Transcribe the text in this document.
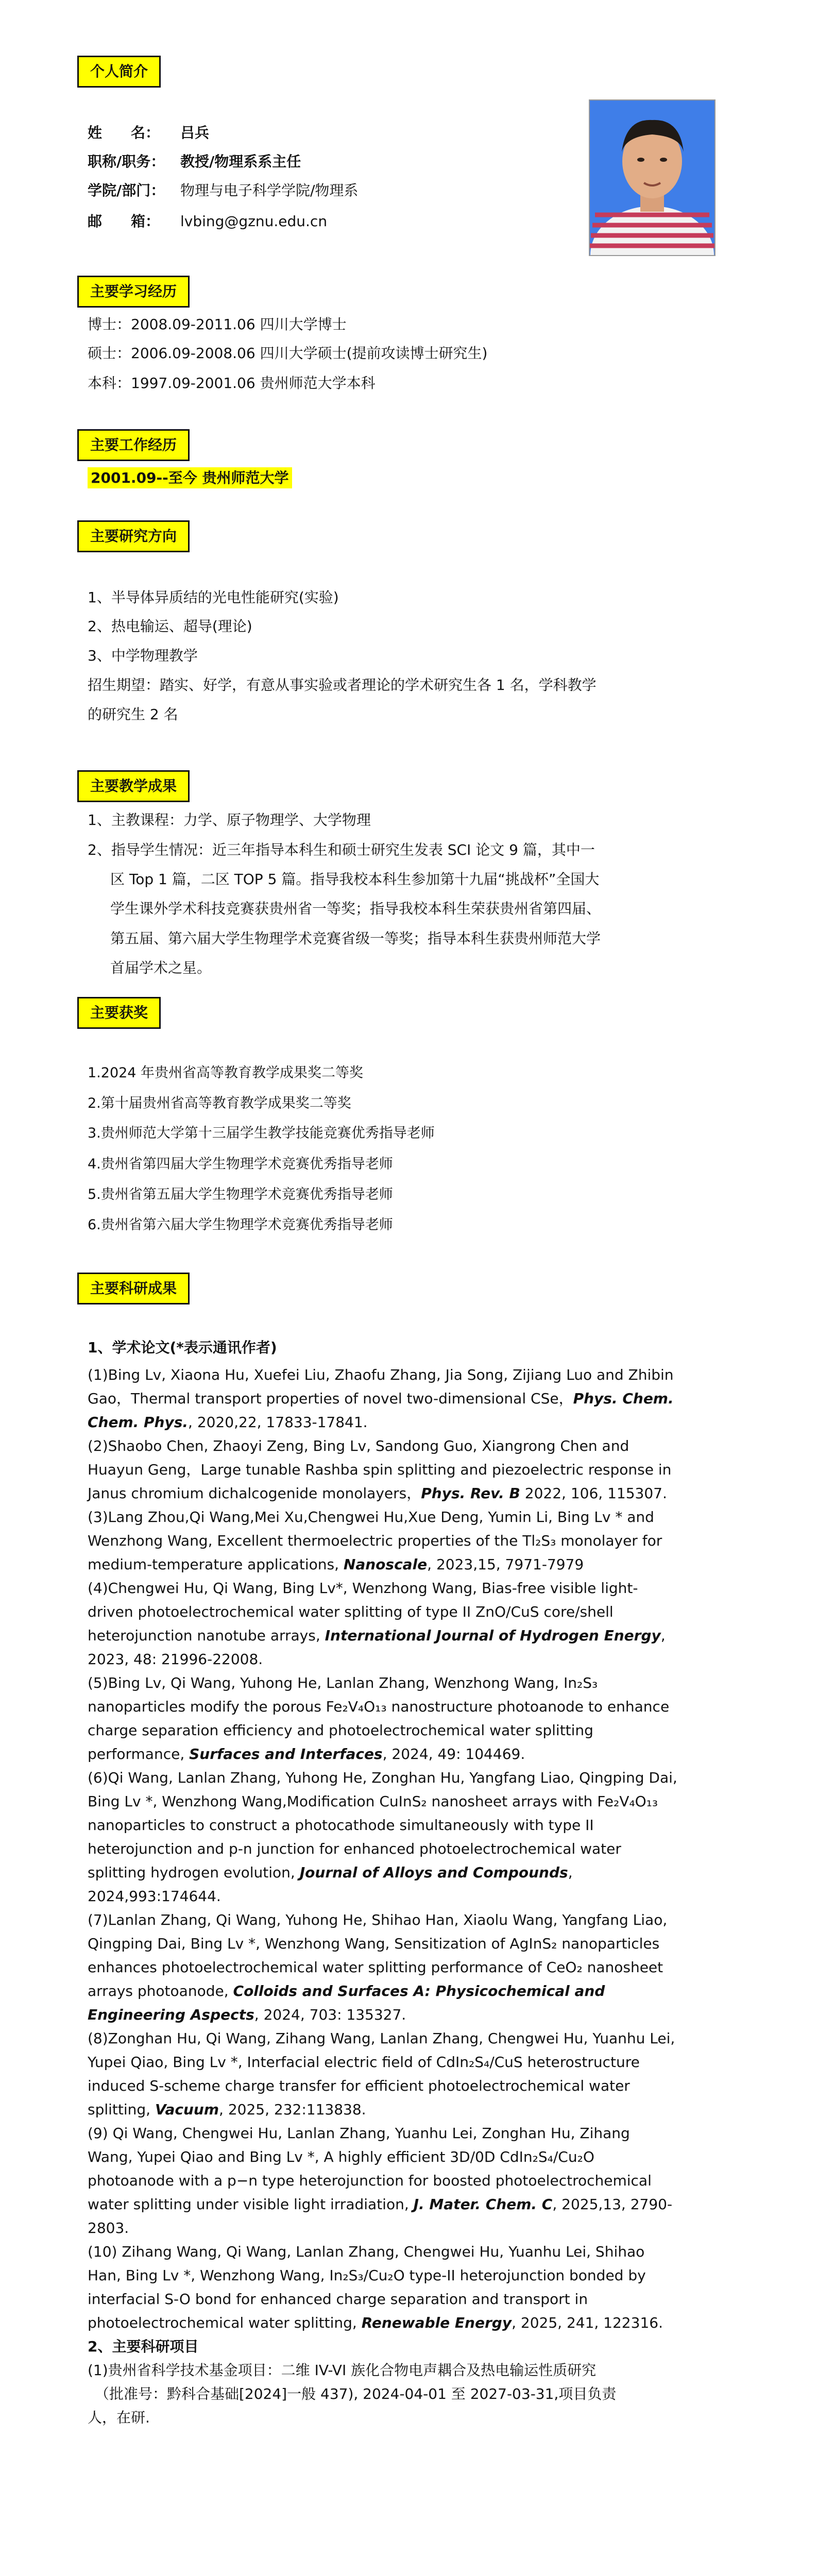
个人简介
姓　　名： 吕兵
职称/职务： 教授/物理系系主任
学院/部门： 物理与电子科学学院/物理系
邮　　箱： lvbing@gznu.edu.cn
主要学习经历
博士：2008.09-2011.06 四川大学博士
硕士：2006.09-2008.06 四川大学硕士(提前攻读博士研究生)
本科：1997.09-2001.06 贵州师范大学本科
主要工作经历
2001.09--至今 贵州师范大学
主要研究方向
1、半导体异质结的光电性能研究(实验)
2、热电输运、超导(理论)
3、中学物理教学
招生期望：踏实、好学，有意从事实验或者理论的学术研究生各 1 名，学科教学
的研究生 2 名
主要教学成果
1、主教课程：力学、原子物理学、大学物理
2、指导学生情况：近三年指导本科生和硕士研究生发表 SCI 论文 9 篇，其中一
区 Top 1 篇，二区 TOP 5 篇。指导我校本科生参加第十九届“挑战杯”全国大
学生课外学术科技竞赛获贵州省一等奖；指导我校本科生荣获贵州省第四届、
第五届、第六届大学生物理学术竞赛省级一等奖；指导本科生获贵州师范大学
首届学术之星。
主要获奖
1.2024 年贵州省高等教育教学成果奖二等奖
2.第十届贵州省高等教育教学成果奖二等奖
3.贵州师范大学第十三届学生教学技能竞赛优秀指导老师
4.贵州省第四届大学生物理学术竞赛优秀指导老师
5.贵州省第五届大学生物理学术竞赛优秀指导老师
6.贵州省第六届大学生物理学术竞赛优秀指导老师
主要科研成果
1、学术论文(*表示通讯作者)
(1)Bing Lv, Xiaona Hu, Xuefei Liu, Zhaofu Zhang, Jia Song, Zijiang Luo and Zhibin Gao，Thermal transport properties of novel two-dimensional CSe，Phys. Chem. Chem. Phys., 2020,22, 17833-17841.
(2)Shaobo Chen, Zhaoyi Zeng, Bing Lv, Sandong Guo, Xiangrong Chen and Huayun Geng，Large tunable Rashba spin splitting and piezoelectric response in Janus chromium dichalcogenide monolayers，Phys. Rev. B 2022, 106, 115307.
(3)Lang Zhou,Qi Wang,Mei Xu,Chengwei Hu,Xue Deng, Yumin Li, Bing Lv * and Wenzhong Wang, Excellent thermoelectric properties of the Tl₂S₃ monolayer for medium-temperature applications, Nanoscale, 2023,15, 7971-7979
(4)Chengwei Hu, Qi Wang, Bing Lv*, Wenzhong Wang, Bias-free visible light-driven photoelectrochemical water splitting of type II ZnO/CuS core/shell heterojunction nanotube arrays, International Journal of Hydrogen Energy, 2023, 48: 21996-22008.
(5)Bing Lv, Qi Wang, Yuhong He, Lanlan Zhang, Wenzhong Wang, In₂S₃ nanoparticles modify the porous Fe₂V₄O₁₃ nanostructure photoanode to enhance charge separation efficiency and photoelectrochemical water splitting performance, Surfaces and Interfaces, 2024, 49: 104469.
(6)Qi Wang, Lanlan Zhang, Yuhong He, Zonghan Hu, Yangfang Liao, Qingping Dai, Bing Lv *, Wenzhong Wang,Modification CuInS₂ nanosheet arrays with Fe₂V₄O₁₃ nanoparticles to construct a photocathode simultaneously with type II heterojunction and p-n junction for enhanced photoelectrochemical water splitting hydrogen evolution, Journal of Alloys and Compounds, 2024,993:174644.
(7)Lanlan Zhang, Qi Wang, Yuhong He, Shihao Han, Xiaolu Wang, Yangfang Liao, Qingping Dai, Bing Lv *, Wenzhong Wang, Sensitization of AgInS₂ nanoparticles enhances photoelectrochemical water splitting performance of CeO₂ nanosheet arrays photoanode, Colloids and Surfaces A: Physicochemical and Engineering Aspects, 2024, 703: 135327.
(8)Zonghan Hu, Qi Wang, Zihang Wang, Lanlan Zhang, Chengwei Hu, Yuanhu Lei, Yupei Qiao, Bing Lv *, Interfacial electric field of CdIn₂S₄/CuS heterostructure induced S-scheme charge transfer for efficient photoelectrochemical water splitting, Vacuum, 2025, 232:113838.
(9) Qi Wang, Chengwei Hu, Lanlan Zhang, Yuanhu Lei, Zonghan Hu, Zihang Wang, Yupei Qiao and Bing Lv *, A highly efficient 3D/0D CdIn₂S₄/Cu₂O photoanode with a p−n type heterojunction for boosted photoelectrochemical water splitting under visible light irradiation, J. Mater. Chem. C, 2025,13, 2790-2803.
(10) Zihang Wang, Qi Wang, Lanlan Zhang, Chengwei Hu, Yuanhu Lei, Shihao Han, Bing Lv *, Wenzhong Wang, In₂S₃/Cu₂O type-II heterojunction bonded by interfacial S-O bond for enhanced charge separation and transport in photoelectrochemical water splitting, Renewable Energy, 2025, 241, 122316.
2、主要科研项目
(1)贵州省科学技术基金项目：二维 IV-VI 族化合物电声耦合及热电输运性质研究
（批准号：黔科合基础[2024]一般 437), 2024-04-01 至 2027-03-31,项目负责
人，在研.
